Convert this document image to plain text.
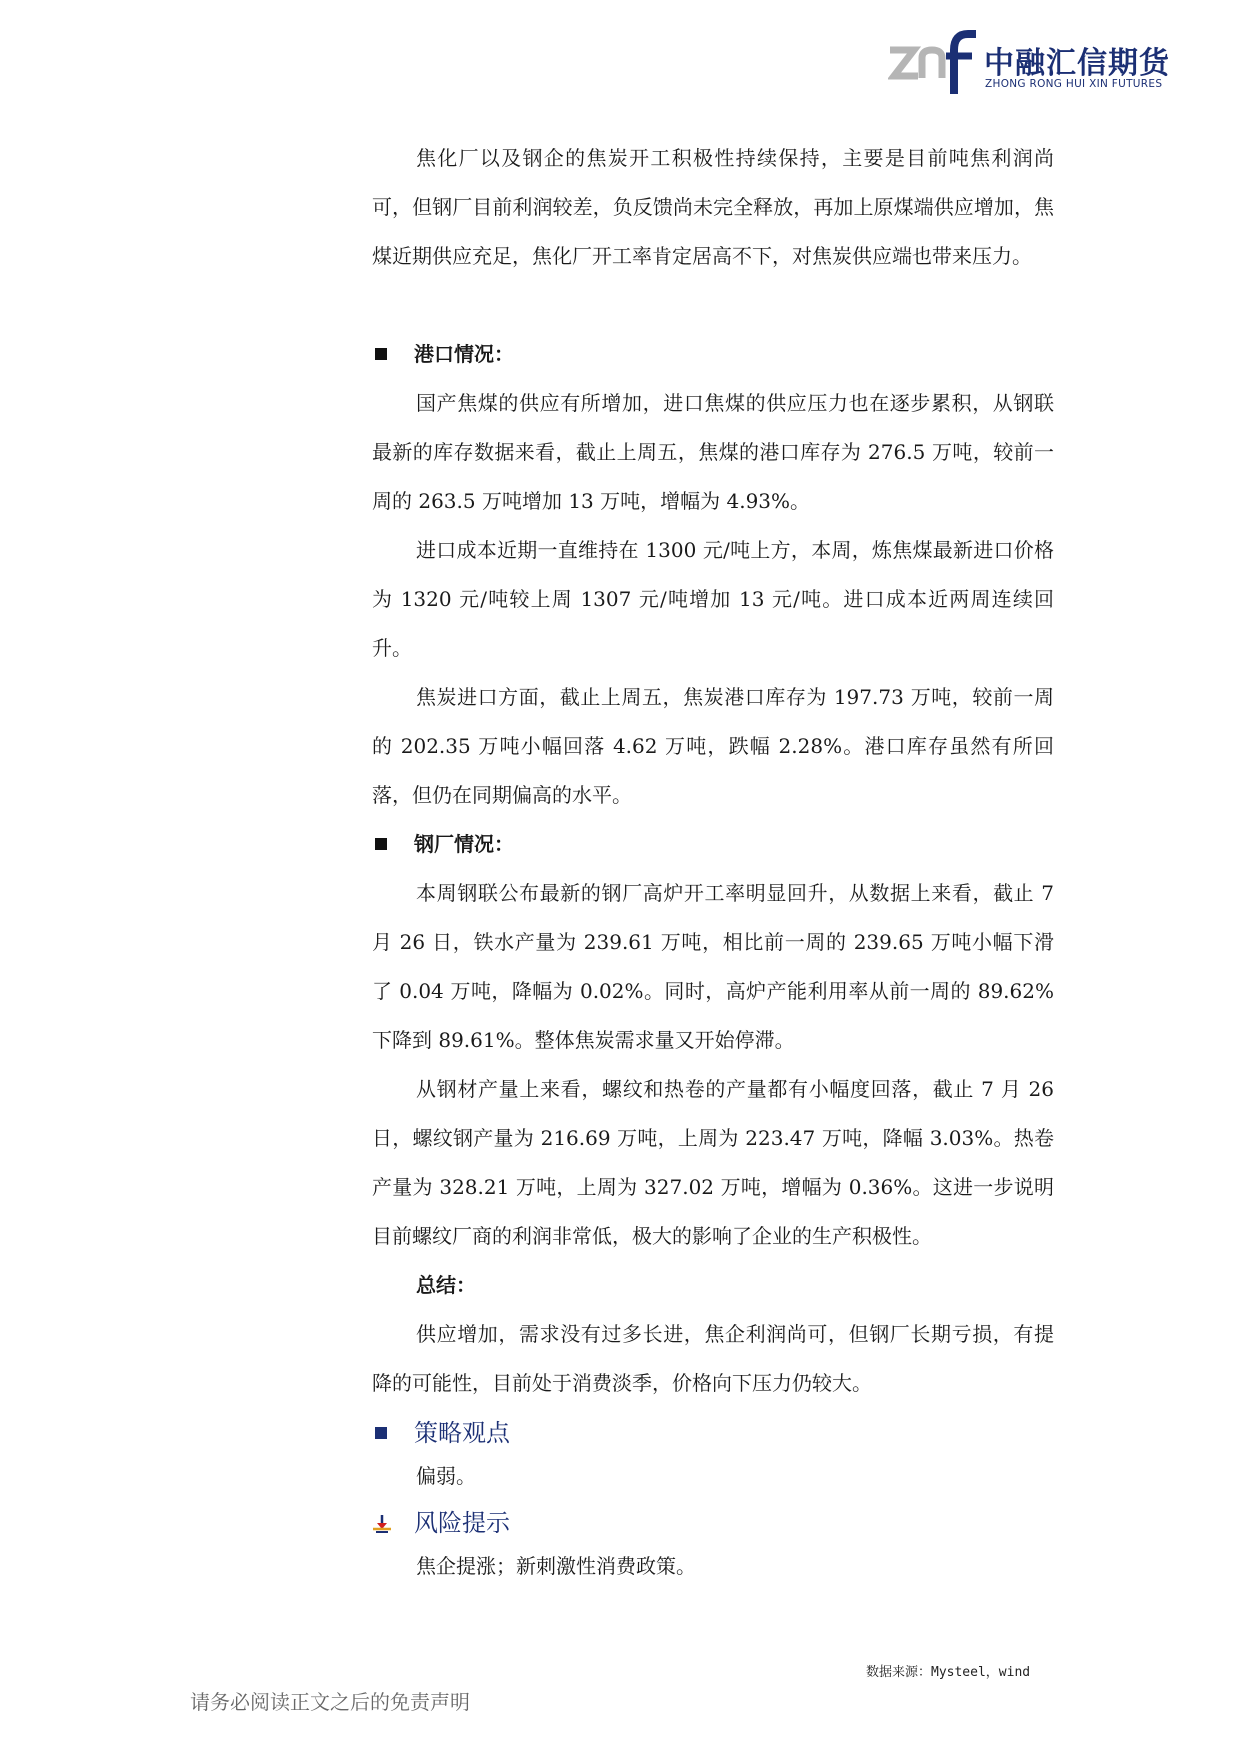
中融汇信期货
ZHONG RONG HUI XIN FUTURES

焦化厂以及钢企的焦炭开工积极性持续保持，主要是目前吨焦利润尚可，但钢厂目前利润较差，负反馈尚未完全释放，再加上原煤端供应增加，焦煤近期供应充足，焦化厂开工率肯定居高不下，对焦炭供应端也带来压力。

港口情况：

国产焦煤的供应有所增加，进口焦煤的供应压力也在逐步累积，从钢联最新的库存数据来看，截止上周五，焦煤的港口库存为 276.5 万吨，较前一周的 263.5 万吨增加 13 万吨，增幅为 4.93%。

进口成本近期一直维持在 1300 元/吨上方，本周，炼焦煤最新进口价格为 1320 元/吨较上周 1307 元/吨增加 13 元/吨。进口成本近两周连续回升。

焦炭进口方面，截止上周五，焦炭港口库存为 197.73 万吨，较前一周的 202.35 万吨小幅回落 4.62 万吨，跌幅 2.28%。港口库存虽然有所回落，但仍在同期偏高的水平。

钢厂情况：

本周钢联公布最新的钢厂高炉开工率明显回升，从数据上来看，截止 7 月 26 日，铁水产量为 239.61 万吨，相比前一周的 239.65 万吨小幅下滑了 0.04 万吨，降幅为 0.02%。同时，高炉产能利用率从前一周的 89.62%下降到 89.61%。整体焦炭需求量又开始停滞。

从钢材产量上来看，螺纹和热卷的产量都有小幅度回落，截止 7 月 26 日，螺纹钢产量为 216.69 万吨，上周为 223.47 万吨，降幅 3.03%。热卷产量为 328.21 万吨，上周为 327.02 万吨，增幅为 0.36%。这进一步说明目前螺纹厂商的利润非常低，极大的影响了企业的生产积极性。

总结：

供应增加，需求没有过多长进，焦企利润尚可，但钢厂长期亏损，有提降的可能性，目前处于消费淡季，价格向下压力仍较大。

策略观点
偏弱。
风险提示
焦企提涨；新刺激性消费政策。
数据来源：Mysteel，wind
请务必阅读正文之后的免责声明
